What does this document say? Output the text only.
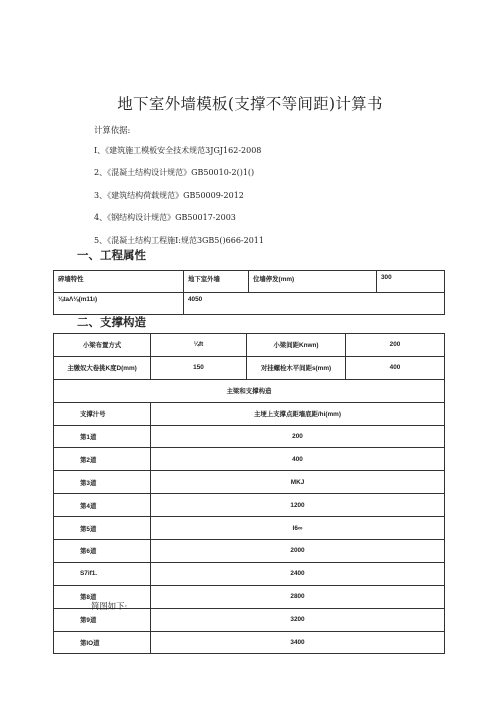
地下室外墙模板(支撑不等间距)计算书
计算依据:
I、《建筑施工模板安全技术规范3JGJ162-2008
2、《混凝土结构设计规范》GB50010-2()1()
3、《建筑结构荷载规范》GB50009-2012
4、《钢结构设计规范》GB50017-2003
5、《混凝土结构工程施I:规范3GB5()666-2011
一、工程属性
碎墙特性	地下室外墙	位墙停发(mm)	300
⅛taΛ⅛(m11ι)	4050		
二、支撑构造
小梁布置方式	¼ft	小梁间距Knwn)	200
主缴奴大卷挑K度D(mm)	150	对挂螺栓木平间距s(mm)	400
主梁和支撑构造			
支撑汁号	主埂上支撑点距墙底距/hi(mm)		
第1道	200		
第2道	400		
第3道	MKJ		
第4道	1200		
第5道	I6∞		
第6道	2000		
S7if1.	2400		
第8道	2800		
第9道	3200		
第IO道	3400		
简图如下:
